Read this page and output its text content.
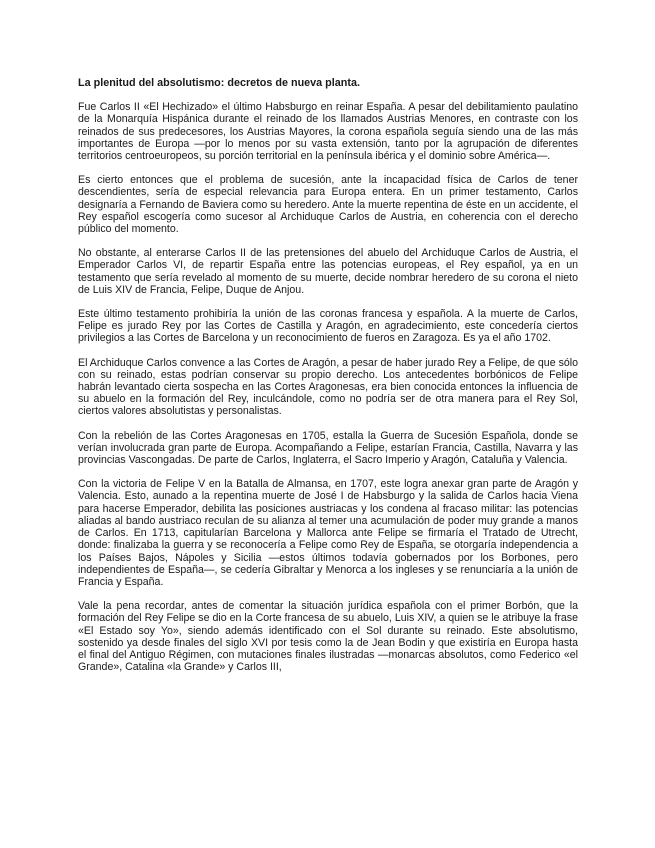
La plenitud del absolutismo: decretos de nueva planta.

Fue Carlos II «El Hechizado» el último Habsburgo en reinar España. A pesar del debilitamiento paulatino de la Monarquía Hispánica durante el reinado de los llamados Austrias Menores, en contraste con los reinados de sus predecesores, los Austrias Mayores, la corona española seguía siendo una de las más importantes de Europa —por lo menos por su vasta extensión, tanto por la agrupación de diferentes territorios centroeuropeos, su porción territorial en la península ibérica y el dominio sobre América—.

Es cierto entonces que el problema de sucesión, ante la incapacidad física de Carlos de tener descendientes, sería de especial relevancia para Europa entera. En un primer testamento, Carlos designaría a Fernando de Baviera como su heredero. Ante la muerte repentina de éste en un accidente, el Rey español escogería como sucesor al Archiduque Carlos de Austria, en coherencia con el derecho público del momento.

No obstante, al enterarse Carlos II de las pretensiones del abuelo del Archiduque Carlos de Austria, el Emperador Carlos VI, de repartir España entre las potencias europeas, el Rey español, ya en un testamento que sería revelado al momento de su muerte, decide nombrar heredero de su corona el nieto de Luis XIV de Francia, Felipe, Duque de Anjou.

Este último testamento prohibiría la unión de las coronas francesa y española. A la muerte de Carlos, Felipe es jurado Rey por las Cortes de Castilla y Aragón, en agradecimiento, este concedería ciertos privilegios a las Cortes de Barcelona y un reconocimiento de fueros en Zaragoza. Es ya el año 1702.

El Archiduque Carlos convence a las Cortes de Aragón, a pesar de haber jurado Rey a Felipe, de que sólo con su reinado, estas podrían conservar su propio derecho. Los antecedentes borbónicos de Felipe habrán levantado cierta sospecha en las Cortes Aragonesas, era bien conocida entonces la influencia de su abuelo en la formación del Rey, inculcándole, como no podría ser de otra manera para el Rey Sol, ciertos valores absolutistas y personalistas.

Con la rebelión de las Cortes Aragonesas en 1705, estalla la Guerra de Sucesión Española, donde se verían involucrada gran parte de Europa. Acompañando a Felipe, estarían Francia, Castilla, Navarra y las provincias Vascongadas. De parte de Carlos, Inglaterra, el Sacro Imperio y Aragón, Cataluña y Valencia.

Con la victoria de Felipe V en la Batalla de Almansa, en 1707, este logra anexar gran parte de Aragón y Valencia. Esto, aunado a la repentina muerte de José I de Habsburgo y la salida de Carlos hacia Viena para hacerse Emperador, debilita las posiciones austriacas y los condena al fracaso militar: las potencias aliadas al bando austriaco reculan de su alianza al temer una acumulación de poder muy grande a manos de Carlos. En 1713, capitularían Barcelona y Mallorca ante Felipe se firmaría el Tratado de Utrecht, donde: finalizaba la guerra y se reconocería a Felipe como Rey de España, se otorgaría independencia a los Países Bajos, Nápoles y Sicilia —estos últimos todavía gobernados por los Borbones, pero independientes de España—, se cedería Gibraltar y Menorca a los ingleses y se renunciaría a la unión de Francia y España.

Vale la pena recordar, antes de comentar la situación jurídica española con el primer Borbón, que la formación del Rey Felipe se dio en la Corte francesa de su abuelo, Luis XIV, a quien se le atribuye la frase «El Estado soy Yo», siendo además identificado con el Sol durante su reinado. Este absolutismo, sostenido ya desde finales del siglo XVI por tesis como la de Jean Bodin y que existiría en Europa hasta el final del Antiguo Régimen, con mutaciones finales ilustradas —monarcas absolutos, como Federico «el Grande», Catalina «la Grande» y Carlos III,
